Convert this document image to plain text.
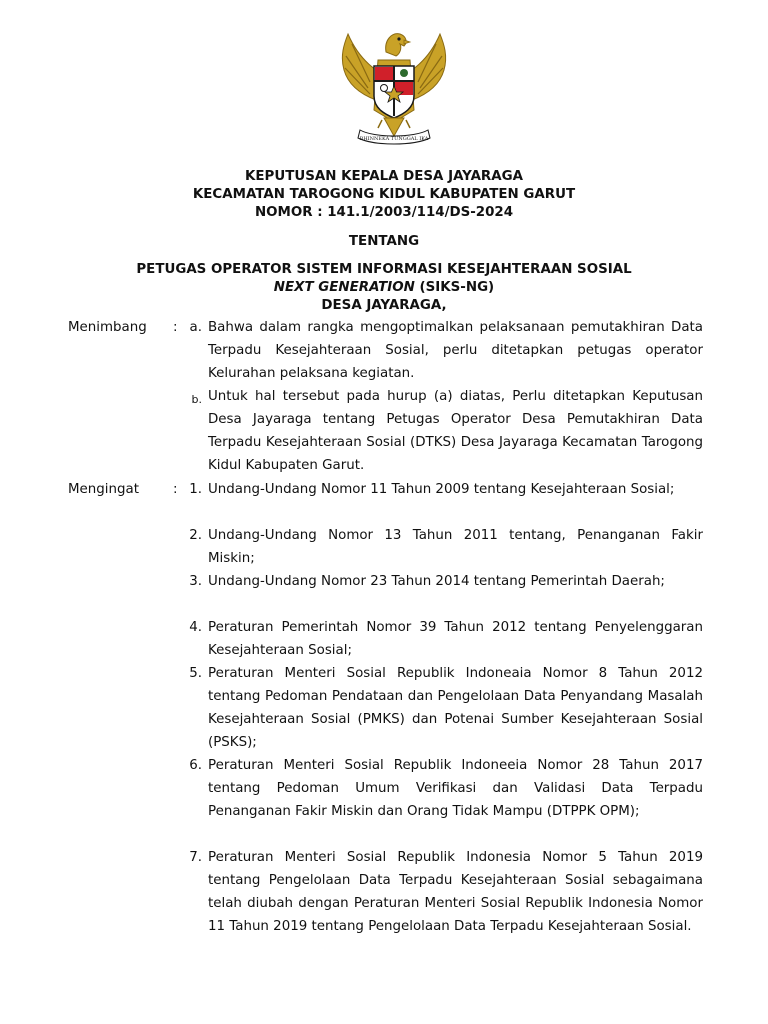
BHINNEKA TUNGGAL IKA
KEPUTUSAN KEPALA DESA JAYARAGA
KECAMATAN TAROGONG KIDUL KABUPATEN GARUT
NOMOR : 141.1/2003/114/DS-2024
TENTANG
PETUGAS OPERATOR SISTEM INFORMASI KESEJAHTERAAN SOSIAL
NEXT GENERATION (SIKS-NG)
DESA JAYARAGA,
Menimbang : a. Bahwa dalam rangka mengoptimalkan pelaksanaan pemutakhiran Data Terpadu Kesejahteraan Sosial, perlu ditetapkan petugas operator Kelurahan pelaksana kegiatan.

b. Untuk hal tersebut pada hurup (a) diatas, Perlu ditetapkan Keputusan Desa Jayaraga tentang Petugas Operator Desa Pemutakhiran Data Terpadu Kesejahteraan Sosial (DTKS) Desa Jayaraga Kecamatan Tarogong Kidul Kabupaten Garut.

Mengingat	: 1. Undang-Undang Nomor 11 Tahun 2009 tentang Kesejahteraan Sosial;

2. Undang-Undang Nomor 13 Tahun 2011 tentang, Penanganan Fakir Miskin;

3. Undang-Undang Nomor 23 Tahun 2014 tentang Pemerintah Daerah;

4. Peraturan Pemerintah Nomor 39 Tahun 2012 tentang Penyelenggaran Kesejahteraan Sosial;

5. Peraturan Menteri Sosial Republik Indoneaia Nomor 8 Tahun 2012 tentang Pedoman Pendataan dan Pengelolaan Data Penyandang Masalah Kesejahteraan Sosial (PMKS) dan Potenai Sumber Kesejahteraan Sosial (PSKS);

6. Peraturan Menteri Sosial Republik Indoneeia Nomor 28 Tahun 2017 tentang Pedoman Umum Verifikasi dan Validasi Data Terpadu Penanganan Fakir Miskin dan Orang Tidak Mampu (DTPPK OPM);

7. Peraturan Menteri Sosial Republik Indonesia Nomor 5 Tahun 2019 tentang Pengelolaan Data Terpadu Kesejahteraan Sosial sebagaimana telah diubah dengan Peraturan Menteri Sosial Republik Indonesia Nomor 11 Tahun 2019 tentang Pengelolaan Data Terpadu Kesejahteraan Sosial.
